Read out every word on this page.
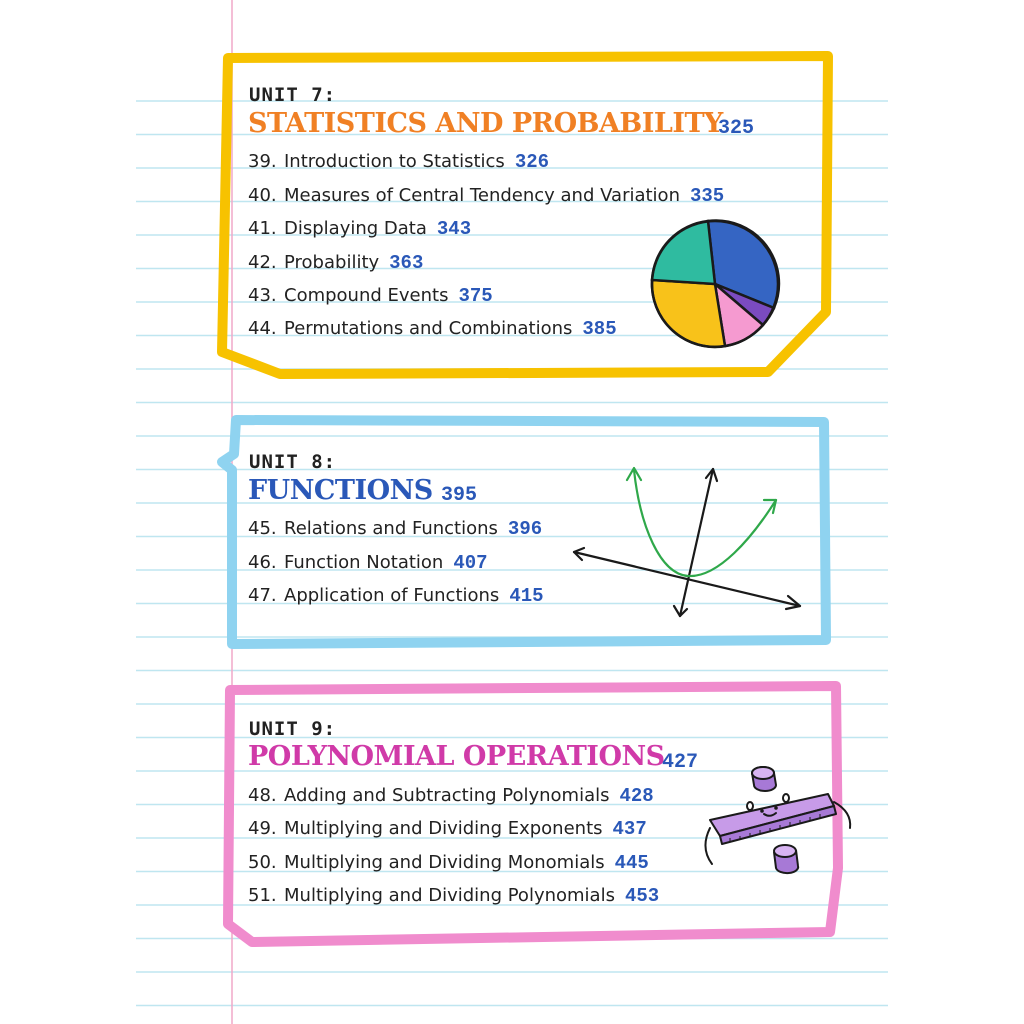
UNIT 7:
STATISTICS AND PROBABILITY
325
39. Introduction to Statistics 326
40. Measures of Central Tendency and Variation 335
41. Displaying Data 343
42. Probability 363
43. Compound Events 375
44. Permutations and Combinations 385
UNIT 8:
FUNCTIONS 395
45. Relations and Functions 396
46. Function Notation 407
47. Application of Functions 415
UNIT 9:
POLYNOMIAL OPERATIONS
427
48. Adding and Subtracting Polynomials 428
49. Multiplying and Dividing Exponents 437
50. Multiplying and Dividing Monomials 445
51. Multiplying and Dividing Polynomials 453
